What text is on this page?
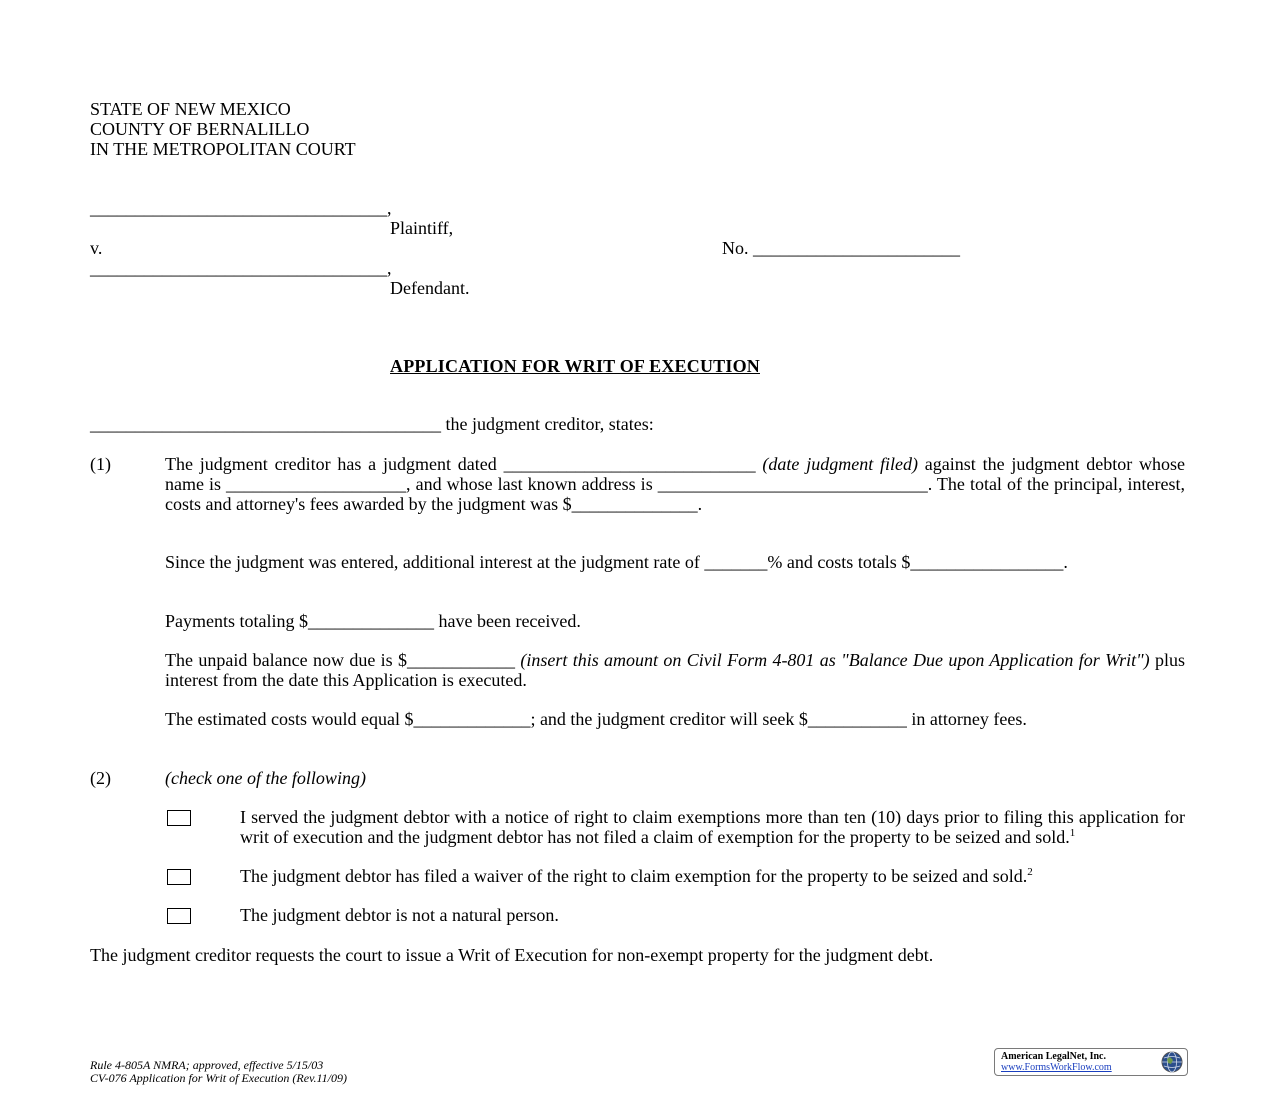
STATE OF NEW MEXICO
COUNTY OF BERNALILLO
IN THE METROPOLITAN COURT
_________________________________,
Plaintiff,
v.	No. _______________________
_________________________________,
Defendant.
APPLICATION FOR WRIT OF EXECUTION
_______________________________________ the judgment creditor, states:
(1)	The judgment creditor has a judgment dated ____________________________ (date judgment filed) against the judgment debtor whose name is ____________________, and whose last known address is ______________________________. The total of the principal, interest, costs and attorney's fees awarded by the judgment was $______________.
Since the judgment was entered, additional interest at the judgment rate of _______% and costs totals $_________________.
Payments totaling $______________ have been received.
The unpaid balance now due is $____________ (insert this amount on Civil Form 4-801 as "Balance Due upon Application for Writ") plus interest from the date this Application is executed.
The estimated costs would equal $_____________; and the judgment creditor will seek $___________ in attorney fees.
(2)	(check one of the following)
I served the judgment debtor with a notice of right to claim exemptions more than ten (10) days prior to filing this application for writ of execution and the judgment debtor has not filed a claim of exemption for the property to be seized and sold.$^1$
The judgment debtor has filed a waiver of the right to claim exemption for the property to be seized and sold.$^2$
The judgment debtor is not a natural person.
The judgment creditor requests the court to issue a Writ of Execution for non-exempt property for the judgment debt.
Rule 4-805A NMRA; approved, effective 5/15/03
CV-076 Application for Writ of Execution (Rev.11/09)
American LegalNet, Inc.
www.FormsWorkFlow.com
